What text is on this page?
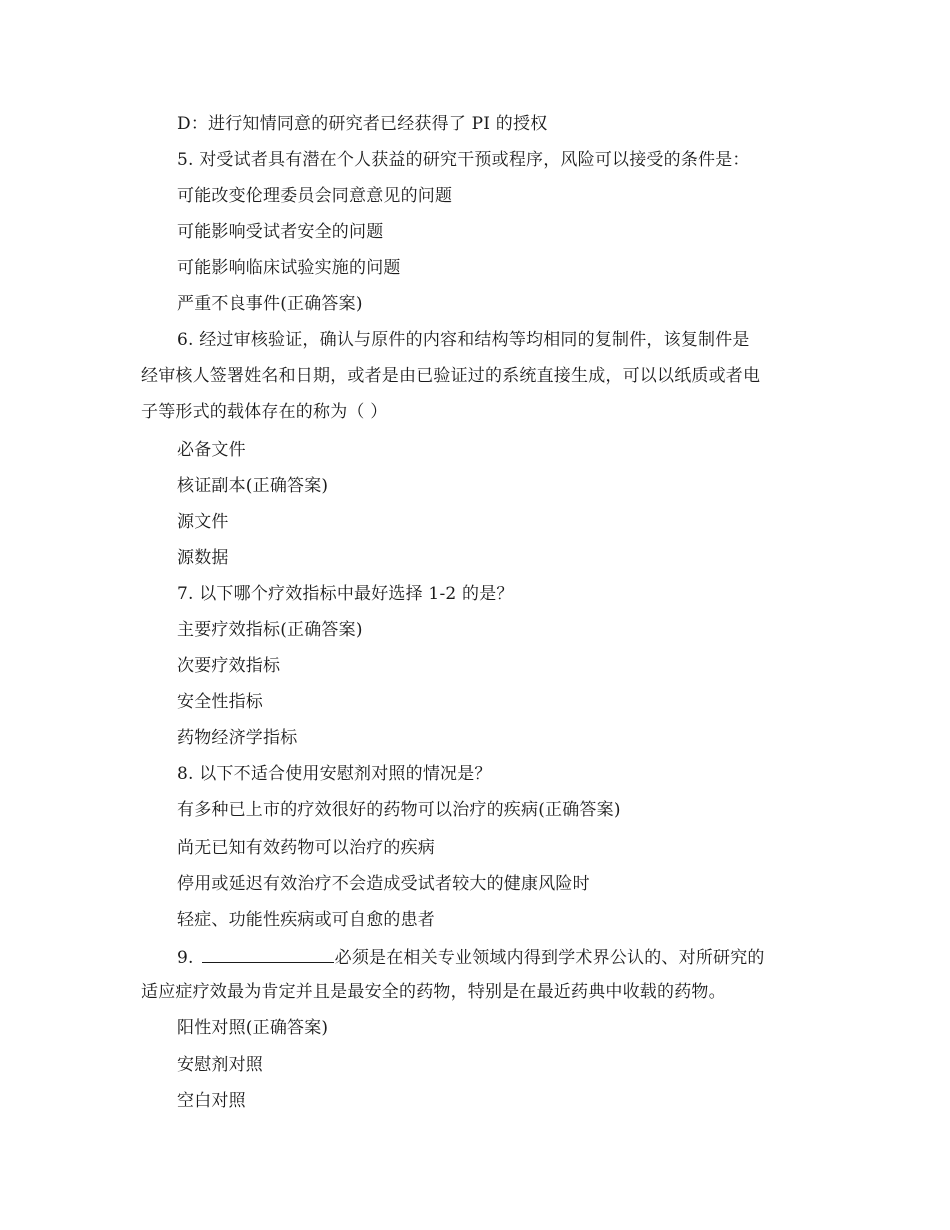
D：进行知情同意的研究者已经获得了 PI 的授权
5. 对受试者具有潜在个人获益的研究干预或程序，风险可以接受的条件是：
可能改变伦理委员会同意意见的问题
可能影响受试者安全的问题
可能影响临床试验实施的问题
严重不良事件(正确答案)
6. 经过审核验证，确认与原件的内容和结构等均相同的复制件，该复制件是
经审核人签署姓名和日期，或者是由已验证过的系统直接生成，可以以纸质或者电
子等形式的载体存在的称为（ ）
必备文件
核证副本(正确答案)
源文件
源数据
7. 以下哪个疗效指标中最好选择 1-2 的是？
主要疗效指标(正确答案)
次要疗效指标
安全性指标
药物经济学指标
8. 以下不适合使用安慰剂对照的情况是？
有多种已上市的疗效很好的药物可以治疗的疾病(正确答案)
尚无已知有效药物可以治疗的疾病
停用或延迟有效治疗不会造成受试者较大的健康风险时
轻症、功能性疾病或可自愈的患者
9.	必须是在相关专业领域内得到学术界公认的、对所研究的
适应症疗效最为肯定并且是最安全的药物，特别是在最近药典中收载的药物。
阳性对照(正确答案)
安慰剂对照
空白对照
